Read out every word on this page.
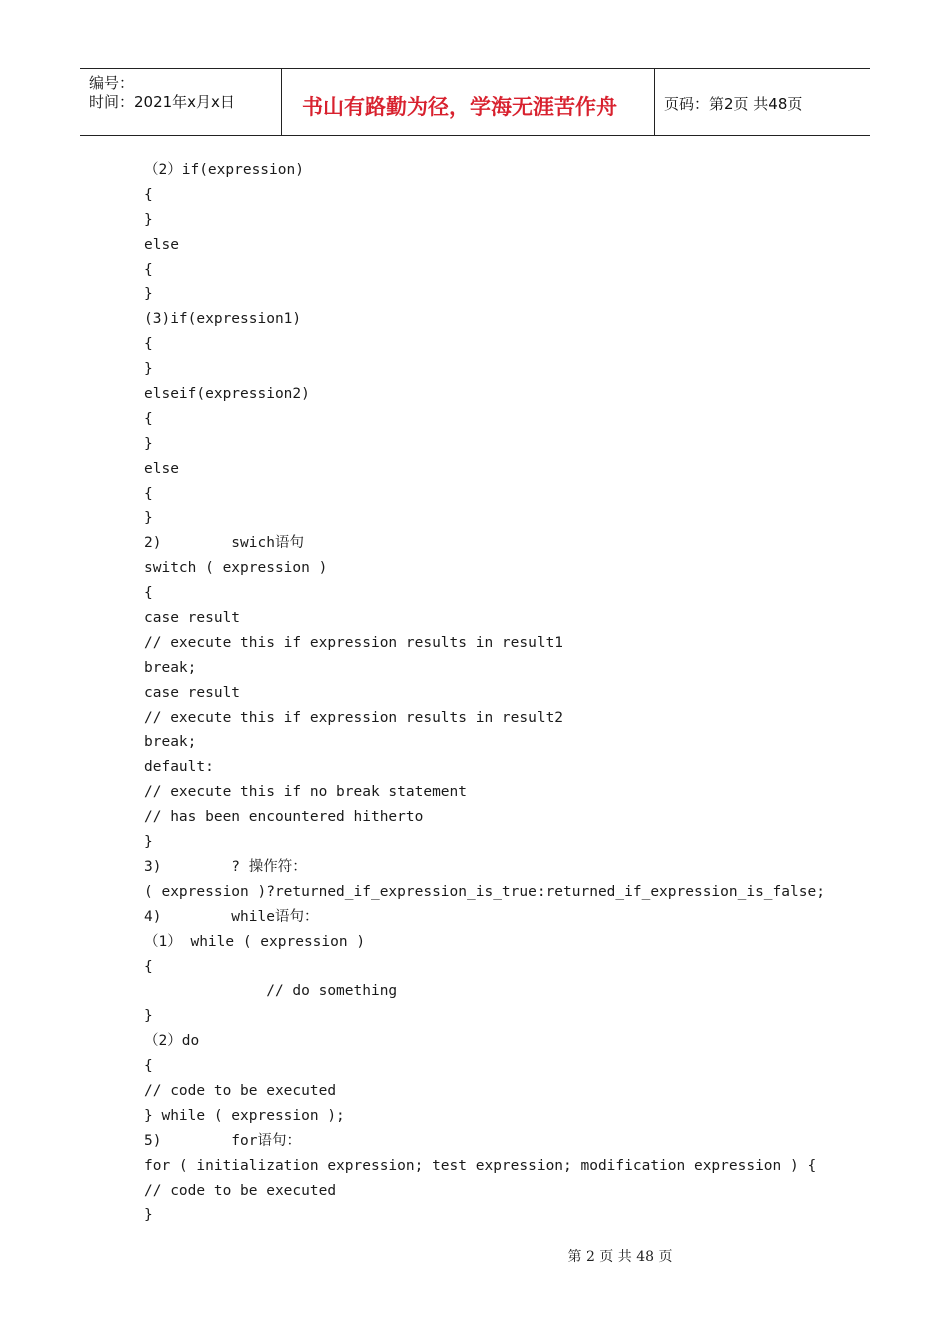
编号：
时间：2021年x月x日	书山有路勤为径，学海无涯苦作舟	页码：第2页 共48页
（2）if(expression)
{
}
else
{
}
(3)if(expression1)
{
}
elseif(expression2)
{
}
else
{
}
2)        swich语句
switch ( expression )
{
case result
// execute this if expression results in result1
break;
case result
// execute this if expression results in result2
break;
default:
// execute this if no break statement
// has been encountered hitherto
}
3)        ? 操作符：
( expression )?returned_if_expression_is_true:returned_if_expression_is_false;
4)        while语句：
（1） while ( expression )
{
// do something
}
（2）do
{
// code to be executed
} while ( expression );
5)        for语句：
for ( initialization expression; test expression; modification expression ) {
// code to be executed
}
第 2 页 共 48 页
